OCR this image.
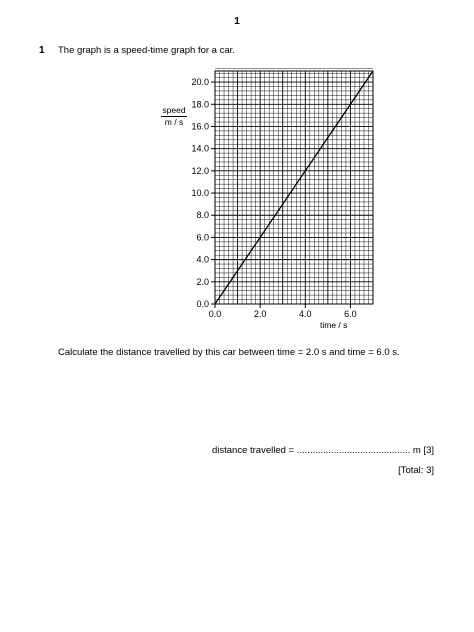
1
1 The graph is a speed-time graph for a car.
speed
m / s
0.0
2.0
4.0
6.0
8.0
10.0
12.0
14.0
16.0
18.0
20.0
0.0	2.0	4.0	6.0
time / s
Calculate the distance travelled by this car between time = 2.0 s and time = 6.0 s.
distance travelled = ........................................... m [3]
[Total: 3]
